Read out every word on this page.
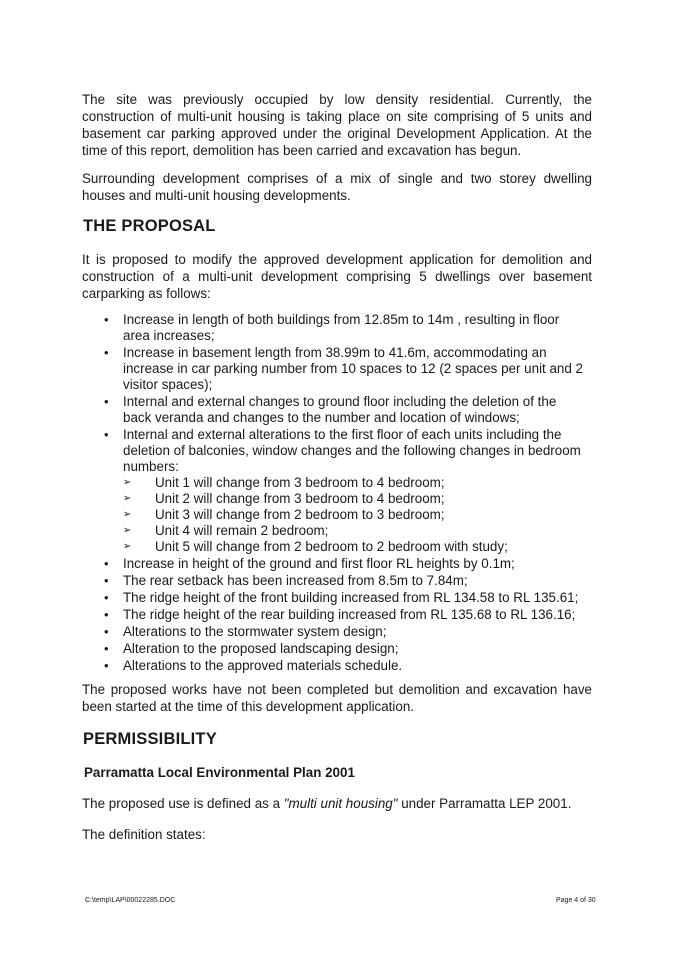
The site was previously occupied by low density residential. Currently, the construction of multi-unit housing is taking place on site comprising of 5 units and basement car parking approved under the original Development Application. At the time of this report, demolition has been carried and excavation has begun.
Surrounding development comprises of a mix of single and two storey dwelling houses and multi-unit housing developments.
THE PROPOSAL
It is proposed to modify the approved development application for demolition and construction of a multi-unit development comprising 5 dwellings over basement carparking as follows:
• Increase in length of both buildings from 12.85m to 14m , resulting in floor area increases;
• Increase in basement length from 38.99m to 41.6m, accommodating an increase in car parking number from 10 spaces to 12 (2 spaces per unit and 2 visitor spaces);
• Internal and external changes to ground floor including the deletion of the back veranda and changes to the number and location of windows;
• Internal and external alterations to the first floor of each units including the deletion of balconies, window changes and the following changes in bedroom numbers:
➢ Unit 1 will change from 3 bedroom to 4 bedroom;
➢ Unit 2 will change from 3 bedroom to 4 bedroom;
➢ Unit 3 will change from 2 bedroom to 3 bedroom;
➢ Unit 4 will remain 2 bedroom;
➢ Unit 5 will change from 2 bedroom to 2 bedroom with study;
• Increase in height of the ground and first floor RL heights by 0.1m;
• The rear setback has been increased from 8.5m to 7.84m;
• The ridge height of the front building increased from RL 134.58 to RL 135.61;
• The ridge height of the rear building increased from RL 135.68 to RL 136.16;
• Alterations to the stormwater system design;
• Alteration to the proposed landscaping design;
• Alterations to the approved materials schedule.
The proposed works have not been completed but demolition and excavation have been started at the time of this development application.
PERMISSIBILITY
Parramatta Local Environmental Plan 2001
The proposed use is defined as a "multi unit housing" under Parramatta LEP 2001.
The definition states:
C:\temp\LAP\00022285.DOC	Page 4 of 30
